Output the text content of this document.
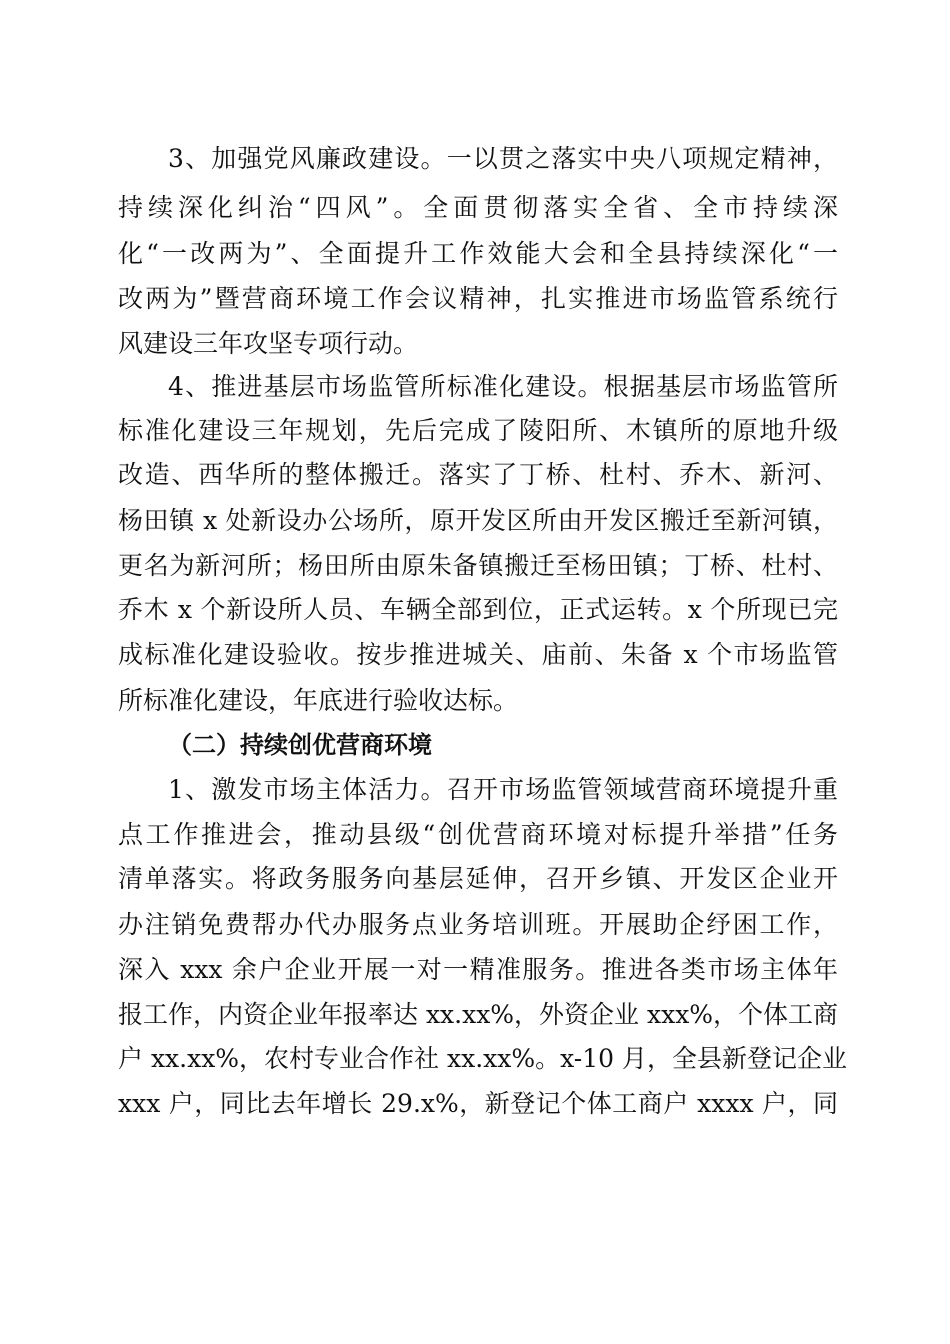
3、加强党风廉政建设。一以贯之落实中央八项规定精神，
持续深化纠治“四风”。全面贯彻落实全省、全市持续深
化“一改两为”、全面提升工作效能大会和全县持续深化“一
改两为”暨营商环境工作会议精神，扎实推进市场监管系统行
风建设三年攻坚专项行动。
4、推进基层市场监管所标准化建设。根据基层市场监管所
标准化建设三年规划，先后完成了陵阳所、木镇所的原地升级
改造、西华所的整体搬迁。落实了丁桥、杜村、乔木、新河、
杨田镇 x 处新设办公场所，原开发区所由开发区搬迁至新河镇，
更名为新河所；杨田所由原朱备镇搬迁至杨田镇；丁桥、杜村、
乔木 x 个新设所人员、车辆全部到位，正式运转。x 个所现已完
成标准化建设验收。按步推进城关、庙前、朱备 x 个市场监管
所标准化建设，年底进行验收达标。
（二）持续创优营商环境
1、激发市场主体活力。召开市场监管领域营商环境提升重
点工作推进会，推动县级“创优营商环境对标提升举措”任务
清单落实。将政务服务向基层延伸，召开乡镇、开发区企业开
办注销免费帮办代办服务点业务培训班。开展助企纾困工作，
深入 xxx 余户企业开展一对一精准服务。推进各类市场主体年
报工作，内资企业年报率达 xx.xx%，外资企业 xxx%，个体工商
户 xx.xx%，农村专业合作社 xx.xx%。x-10 月，全县新登记企业
xxx 户，同比去年增长 29.x%，新登记个体工商户 xxxx 户，同
